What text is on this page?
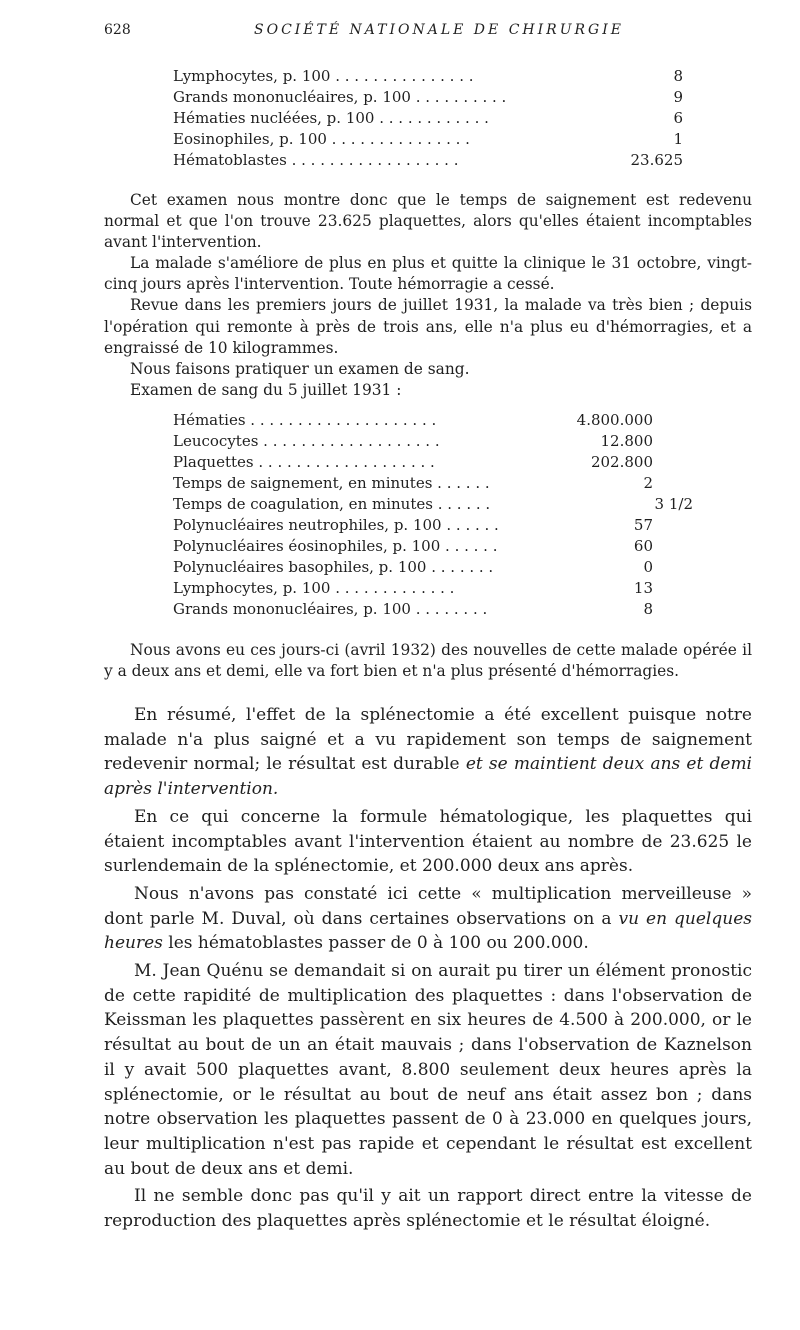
628	SOCIÉTÉ NATIONALE DE CHIRURGIE
Lymphocytes, p. 100 . . . . . . . . . . . . . . .	8
Grands mononucléaires, p. 100 . . . . . . . . . .	9
Hématies nucléées, p. 100 . . . . . . . . . . . .	6
Eosinophiles, p. 100 . . . . . . . . . . . . . . .	1
Hématoblastes . . . . . . . . . . . . . . . . . .	23.625

Cet examen nous montre donc que le temps de saignement est redevenu normal et que l'on trouve 23.625 plaquettes, alors qu'elles étaient incomptables avant l'intervention.

La malade s'améliore de plus en plus et quitte la clinique le 31 octobre, vingt-cinq jours après l'intervention. Toute hémorragie a cessé.

Revue dans les premiers jours de juillet 1931, la malade va très bien ; depuis l'opération qui remonte à près de trois ans, elle n'a plus eu d'hémorragies, et a engraissé de 10 kilogrammes.

Nous faisons pratiquer un examen de sang.

Examen de sang du 5 juillet 1931 :

Hématies . . . . . . . . . . . . . . . . . . . .	4.800.000
Leucocytes . . . . . . . . . . . . . . . . . . .	12.800
Plaquettes . . . . . . . . . . . . . . . . . . .	202.800
Temps de saignement, en minutes . . . . . .	2
Temps de coagulation, en minutes . . . . . .	3 1/2
Polynucléaires neutrophiles, p. 100 . . . . . .	57
Polynucléaires éosinophiles, p. 100 . . . . . .	60
Polynucléaires basophiles, p. 100 . . . . . . .	0
Lymphocytes, p. 100 . . . . . . . . . . . . .	13
Grands mononucléaires, p. 100 . . . . . . . .	8

Nous avons eu ces jours-ci (avril 1932) des nouvelles de cette malade opérée il y a deux ans et demi, elle va fort bien et n'a plus présenté d'hémorragies.

En résumé, l'effet de la splénectomie a été excellent puisque notre malade n'a plus saigné et a vu rapidement son temps de saignement redevenir normal; le résultat est durable et se maintient deux ans et demi après l'intervention.

En ce qui concerne la formule hématologique, les plaquettes qui étaient incomptables avant l'intervention étaient au nombre de 23.625 le surlendemain de la splénectomie, et 200.000 deux ans après.

Nous n'avons pas constaté ici cette « multiplication merveilleuse » dont parle M. Duval, où dans certaines observations on a vu en quelques heures les hématoblastes passer de 0 à 100 ou 200.000.

M. Jean Quénu se demandait si on aurait pu tirer un élément pronostic de cette rapidité de multiplication des plaquettes : dans l'observation de Keissman les plaquettes passèrent en six heures de 4.500 à 200.000, or le résultat au bout de un an était mauvais ; dans l'observation de Kaznelson il y avait 500 plaquettes avant, 8.800 seulement deux heures après la splénectomie, or le résultat au bout de neuf ans était assez bon ; dans notre observation les plaquettes passent de 0 à 23.000 en quelques jours, leur multiplication n'est pas rapide et cependant le résultat est excellent au bout de deux ans et demi.

Il ne semble donc pas qu'il y ait un rapport direct entre la vitesse de reproduction des plaquettes après splénectomie et le résultat éloigné.
